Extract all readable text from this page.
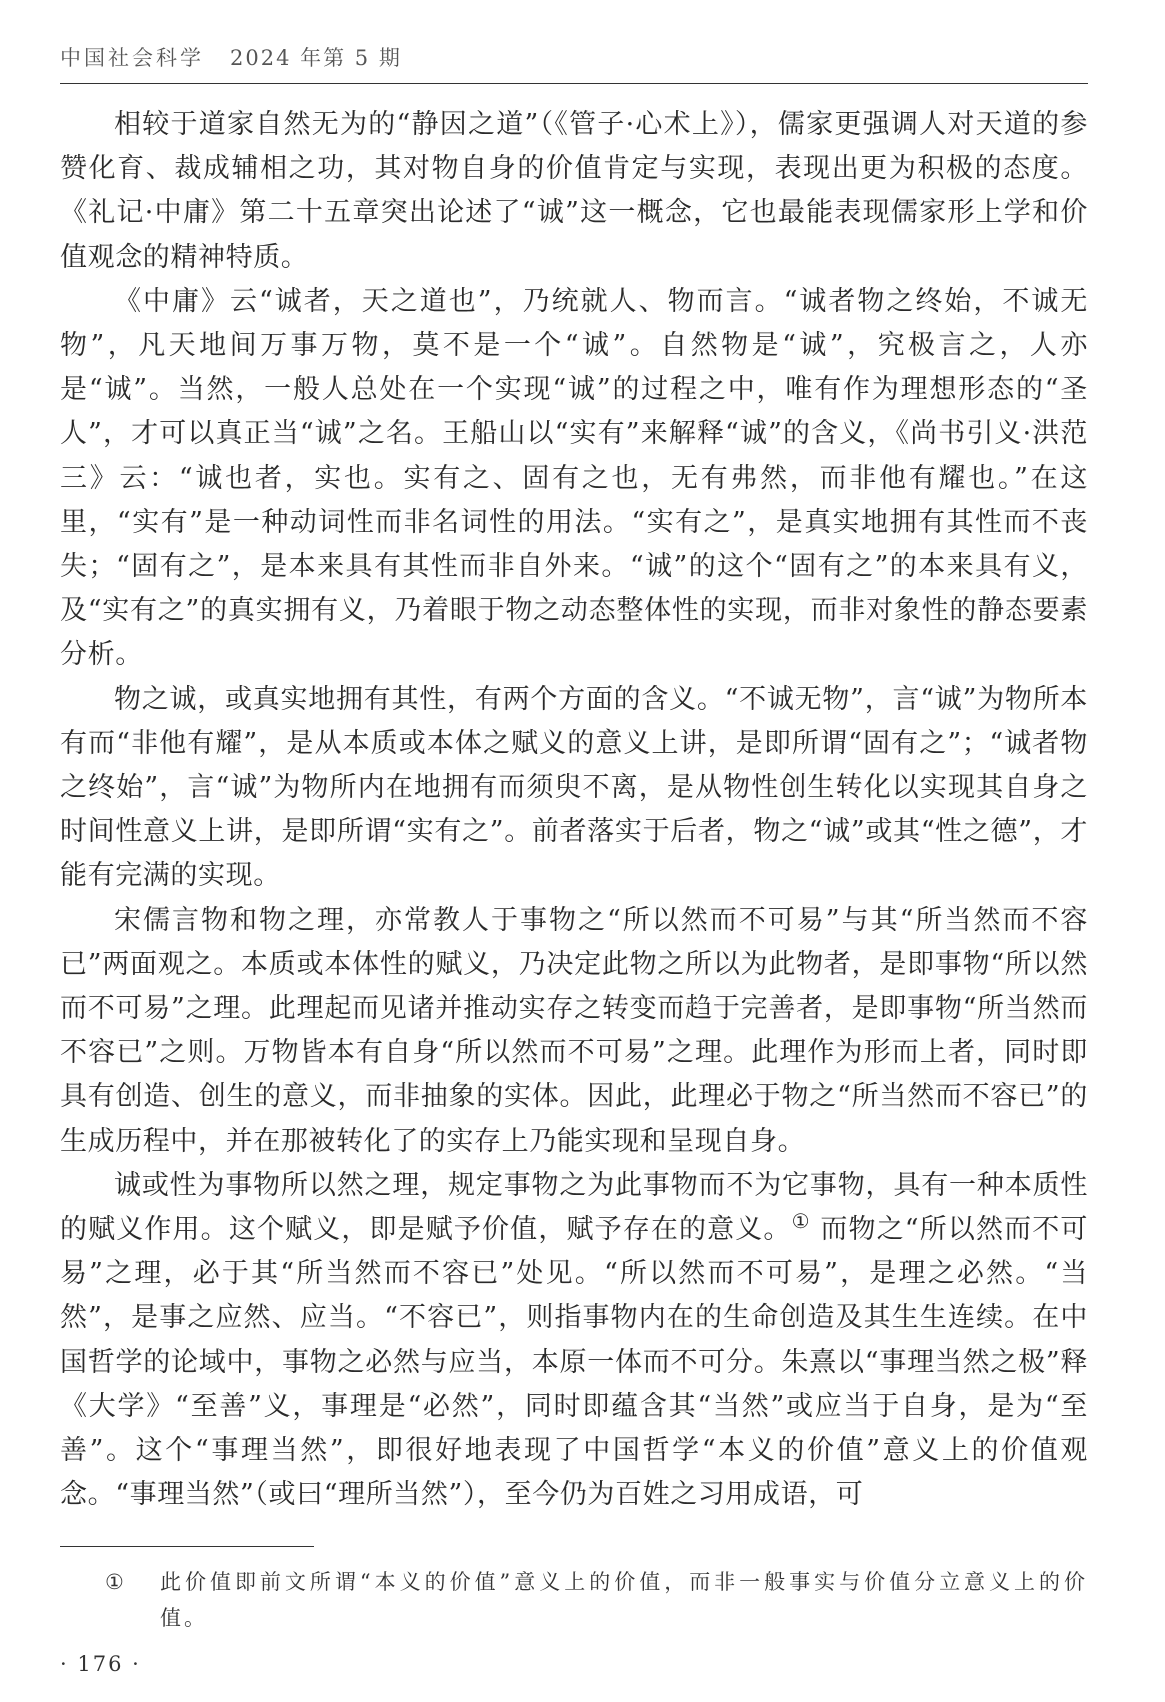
中国社会科学 2024 年第 5 期

相较于道家自然无为的“静因之道”（《管子·心术上》），儒家更强调人对天道的参赞化育、裁成辅相之功，其对物自身的价值肯定与实现，表现出更为积极的态度。《礼记·中庸》第二十五章突出论述了“诚”这一概念，它也最能表现儒家形上学和价值观念的精神特质。

《中庸》云“诚者，天之道也”，乃统就人、物而言。“诚者物之终始，不诚无物”，凡天地间万事万物，莫不是一个“诚”。自然物是“诚”，究极言之，人亦是“诚”。当然，一般人总处在一个实现“诚”的过程之中，唯有作为理想形态的“圣人”，才可以真正当“诚”之名。王船山以“实有”来解释“诚”的含义，《尚书引义·洪范三》云：“诚也者，实也。实有之、固有之也，无有弗然，而非他有耀也。”在这里，“实有”是一种动词性而非名词性的用法。“实有之”，是真实地拥有其性而不丧失；“固有之”，是本来具有其性而非自外来。“诚”的这个“固有之”的本来具有义，及“实有之”的真实拥有义，乃着眼于物之动态整体性的实现，而非对象性的静态要素分析。

物之诚，或真实地拥有其性，有两个方面的含义。“不诚无物”，言“诚”为物所本有而“非他有耀”，是从本质或本体之赋义的意义上讲，是即所谓“固有之”；“诚者物之终始”，言“诚”为物所内在地拥有而须臾不离，是从物性创生转化以实现其自身之时间性意义上讲，是即所谓“实有之”。前者落实于后者，物之“诚”或其“性之德”，才能有完满的实现。

宋儒言物和物之理，亦常教人于事物之“所以然而不可易”与其“所当然而不容已”两面观之。本质或本体性的赋义，乃决定此物之所以为此物者，是即事物“所以然而不可易”之理。此理起而见诸并推动实存之转变而趋于完善者，是即事物“所当然而不容已”之则。万物皆本有自身“所以然而不可易”之理。此理作为形而上者，同时即具有创造、创生的意义，而非抽象的实体。因此，此理必于物之“所当然而不容已”的生成历程中，并在那被转化了的实存上乃能实现和呈现自身。

诚或性为事物所以然之理，规定事物之为此事物而不为它事物，具有一种本质性的赋义作用。这个赋义，即是赋予价值，赋予存在的意义。① 而物之“所以然而不可易”之理，必于其“所当然而不容已”处见。“所以然而不可易”，是理之必然。“当然”，是事之应然、应当。“不容已”，则指事物内在的生命创造及其生生连续。在中国哲学的论域中，事物之必然与应当，本原一体而不可分。朱熹以“事理当然之极”释《大学》“至善”义，事理是“必然”，同时即蕴含其“当然”或应当于自身，是为“至善”。这个“事理当然”，即很好地表现了中国哲学“本义的价值”意义上的价值观念。“事理当然”（或曰“理所当然”），至今仍为百姓之习用成语，可

① 此价值即前文所谓“本义的价值”意义上的价值，而非一般事实与价值分立意义上的价值。
· 176 ·
